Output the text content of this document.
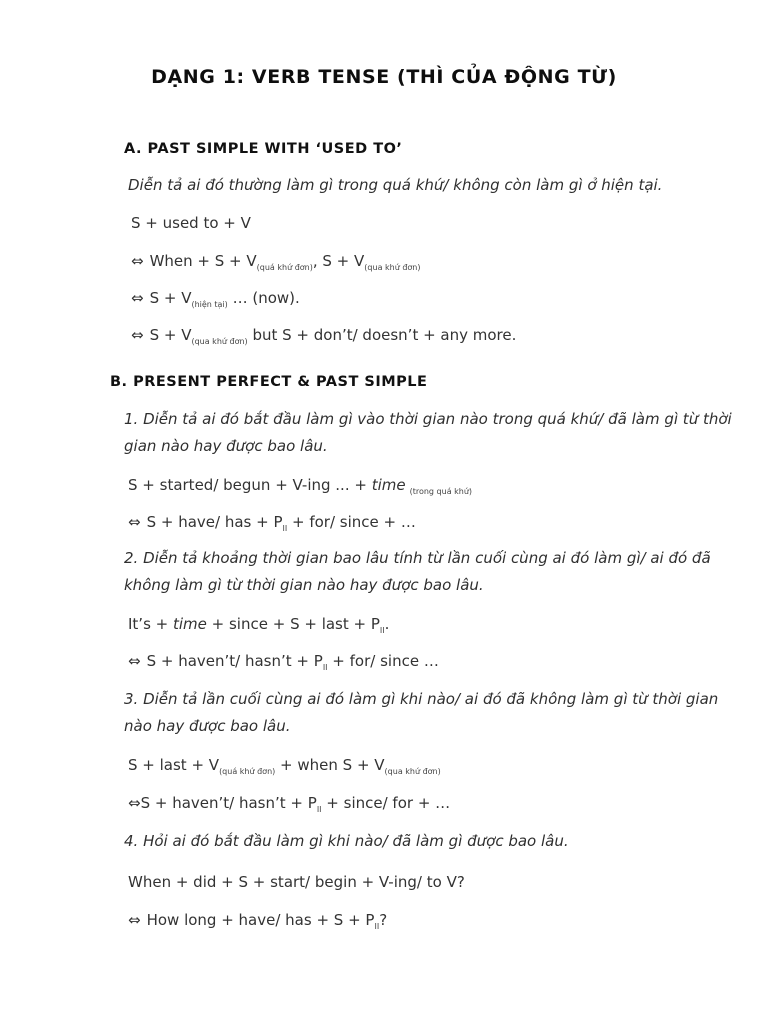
DẠNG 1: VERB TENSE (THÌ CỦA ĐỘNG TỪ)
A. PAST SIMPLE WITH ‘USED TO’
Diễn tả ai đó thường làm gì trong quá khứ/ không còn làm gì ở hiện tại.
S + used to + V
⇔ When + $S + V_{(quá khứ đơn)}$, $S + V_{(qua khứ đơn)}$
⇔ $S + V_{(hiện tại)}$ … (now).
⇔ $S + V_{(qua khứ đơn)}$ but S + don’t/ doesn’t + any more.
B. PRESENT PERFECT & PAST SIMPLE
1. Diễn tả ai đó bắt đầu làm gì vào thời gian nào trong quá khứ/ đã làm gì từ thời
gian nào hay được bao lâu.
S + started/ begun + V-ing ... + time $_{(trong quá khứ)}$
⇔ S + have/ has + $P_{II} + for/$ since + …
2. Diễn tả khoảng thời gian bao lâu tính từ lần cuối cùng ai đó làm gì/ ai đó đã
không làm gì từ thời gian nào hay được bao lâu.
It’s + time + since + S + last + $P_{II}$.
⇔ S + haven’t/ hasn’t + $P_{II} + for/$ since …
3. Diễn tả lần cuối cùng ai đó làm gì khi nào/ ai đó đã không làm gì từ thời gian
nào hay được bao lâu.
S + last + $V_{(quá khứ đơn)}$ + when $S + V_{(qua khứ đơn)}$
⇔S + haven’t/ hasn’t + $P_{II}$ + since/ for + …
4. Hỏi ai đó bắt đầu làm gì khi nào/ đã làm gì được bao lâu.
When + did + S + start/ begin + V-ing/ to V?
⇔ How long + have/ has + $S + P_{II}$?
